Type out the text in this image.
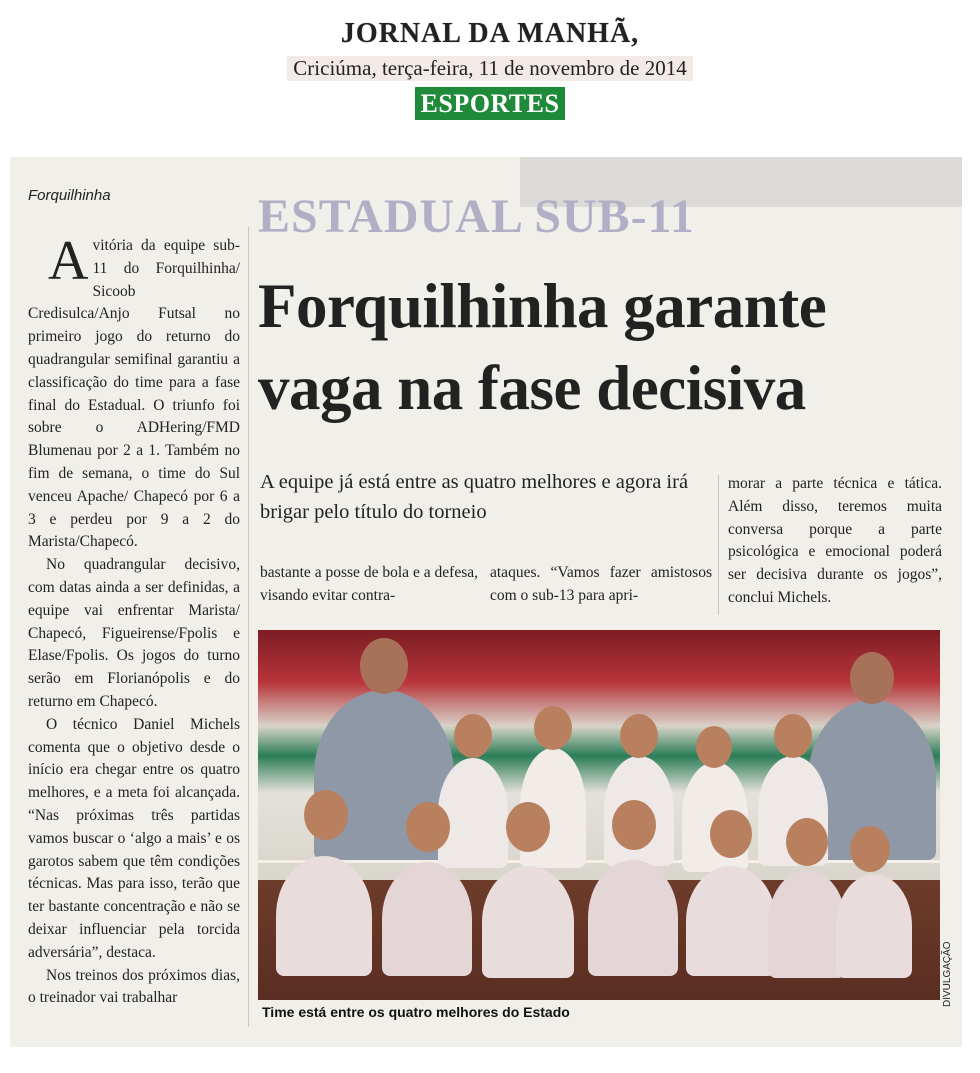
JORNAL DA MANHÃ,
Criciúma, terça-feira, 11 de novembro de 2014
ESPORTES
Forquilhinha	ESTADUAL SUB-11

Avitória da equipe sub-11 do Forquilhinha/ Sicoob Credisulca/Anjo Futsal no primeiro jogo do returno do quadrangular semifinal garantiu a classificação do time para a fase final do Estadual. O triunfo foi sobre o ADHering/FMD Blumenau por 2 a 1. Também no fim de semana, o time do Sul venceu Apache/ Chapecó por 6 a 3 e perdeu por 9 a 2 do Marista/Chapecó.

No quadrangular decisivo, com datas ainda a ser definidas, a equipe vai enfrentar Marista/ Chapecó, Figueirense/Fpolis e Elase/Fpolis. Os jogos do turno serão em Florianópolis e do returno em Chapecó.

O técnico Daniel Michels comenta que o objetivo desde o início era chegar entre os quatro melhores, e a meta foi alcançada. “Nas próximas três partidas vamos buscar o ‘algo a mais’ e os garotos sabem que têm condições técnicas. Mas para isso, terão que ter bastante concentração e não se deixar influenciar pela torcida adversária”, destaca.

Nos treinos dos próximos dias, o treinador vai trabalhar

Forquilhinha garante
vaga na fase decisiva
A equipe já está entre as quatro melhores e agora irá brigar pelo título do torneio
bastante a posse de bola e a defesa, visando evitar contra-
ataques. “Vamos fazer amistosos com o sub-13 para apri-
morar a parte técnica e tática. Além disso, teremos muita conversa porque a parte psicológica e emocional poderá ser decisiva durante os jogos”, conclui Michels.
DIVULGAÇÃO
Time está entre os quatro melhores do Estado
